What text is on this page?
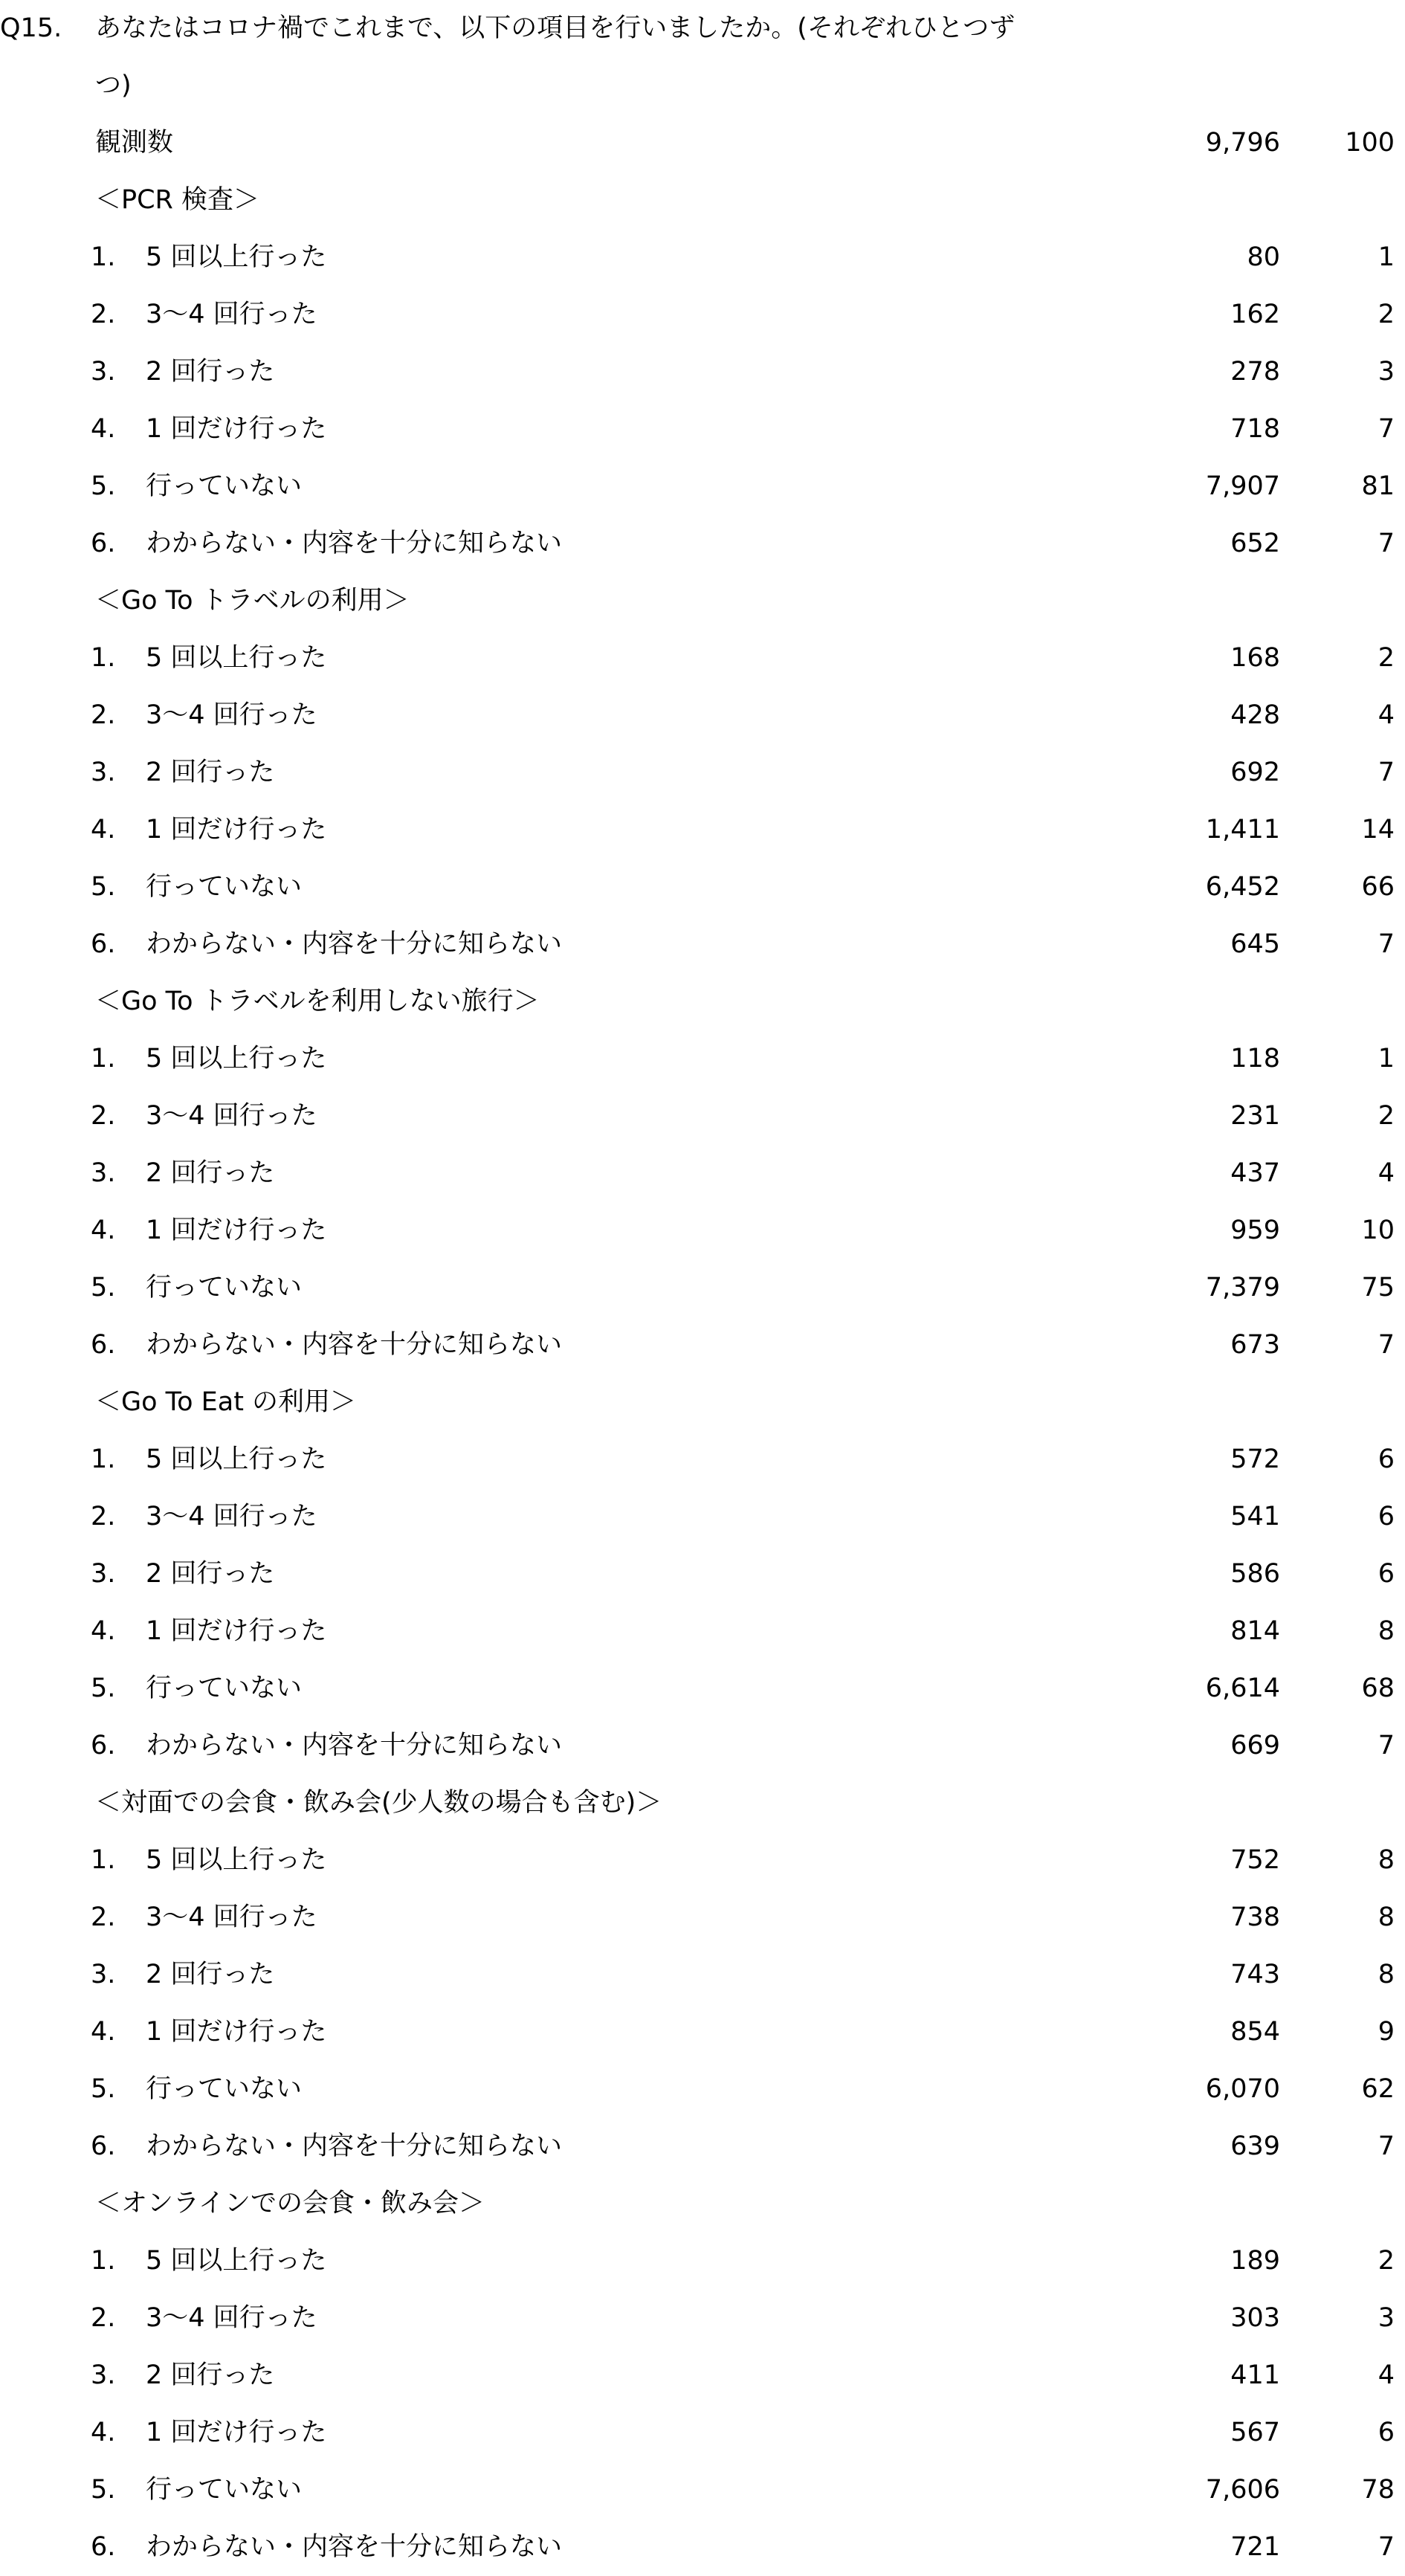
Q15. あなたはコロナ禍でこれまで、以下の項目を行いましたか。(それぞれひとつず
つ)
観測数	9,796 100
＜PCR 検査＞
1. 5 回以上行った	80	1
2. 3～4 回行った	162	2
3. 2 回行った	278	3
4. 1 回だけ行った	718	7
5. 行っていない	7,907	81
6. わからない・内容を十分に知らない	652	7
＜Go To トラベルの利用＞
1. 5 回以上行った	168	2
2. 3～4 回行った	428	4
3. 2 回行った	692	7
4. 1 回だけ行った	1,411	14
5. 行っていない	6,452	66
6. わからない・内容を十分に知らない	645	7
＜Go To トラベルを利用しない旅行＞
1. 5 回以上行った	118	1
2. 3～4 回行った	231	2
3. 2 回行った	437	4
4. 1 回だけ行った	959	10
5. 行っていない	7,379	75
6. わからない・内容を十分に知らない	673	7
＜Go To Eat の利用＞
1. 5 回以上行った	572	6
2. 3～4 回行った	541	6
3. 2 回行った	586	6
4. 1 回だけ行った	814	8
5. 行っていない	6,614	68
6. わからない・内容を十分に知らない	669	7
＜対面での会食・飲み会(少人数の場合も含む)＞
1. 5 回以上行った	752	8
2. 3～4 回行った	738	8
3. 2 回行った	743	8
4. 1 回だけ行った	854	9
5. 行っていない	6,070	62
6. わからない・内容を十分に知らない	639	7
＜オンラインでの会食・飲み会＞
1. 5 回以上行った	189	2
2. 3～4 回行った	303	3
3. 2 回行った	411	4
4. 1 回だけ行った	567	6
5. 行っていない	7,606	78
6. わからない・内容を十分に知らない	721	7
